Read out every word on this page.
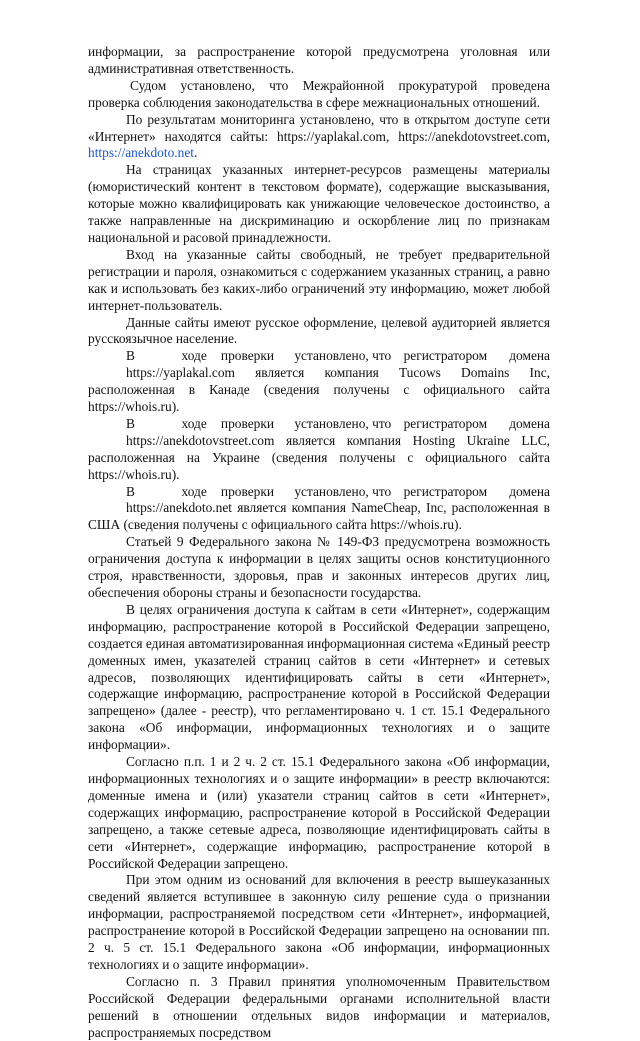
информации, за распространение которой предусмотрена уголовная или административная ответственность.

Судом установлено, что Межрайонной прокуратурой проведена проверка соблюдения законодательства в сфере межнациональных отношений.

По результатам мониторинга установлено, что в открытом доступе сети «Интернет» находятся сайты: https://yaplakal.com, https://anekdotovstreet.com, https://anekdoto.net.

На страницах указанных интернет-ресурсов размещены материалы (юмористический контент в текстовом формате), содержащие высказывания, которые можно квалифицировать как унижающие человеческое достоинство, а также направленные на дискриминацию и оскорбление лиц по признакам национальной и расовой принадлежности.

Вход на указанные сайты свободный, не требует предварительной регистрации и пароля, ознакомиться с содержанием указанных страниц, а равно как и использовать без каких-либо ограничений эту информацию, может любой интернет-пользователь.

Данные сайты имеют русское оформление, целевой аудиторией является русскоязычное население.

В	ходе	проверки	установлено, что регистратором	домена

https://yaplakal.com является компания Tucows Domains Inc, расположенная в Канаде (сведения получены с официального сайта https://whois.ru).

В	ходе	проверки	установлено, что регистратором	домена

https://anekdotovstreet.com является компания Hosting Ukraine LLC, расположенная на Украине (сведения получены с официального сайта https://whois.ru).

В	ходе	проверки	установлено, что регистратором	домена

https://anekdoto.net является компания NameCheap, Inc, расположенная в США (сведения получены с официального сайта https://whois.ru).

Статьей 9 Федерального закона № 149-ФЗ предусмотрена возможность ограничения доступа к информации в целях защиты основ конституционного строя, нравственности, здоровья, прав и законных интересов других лиц, обеспечения обороны страны и безопасности государства.

В целях ограничения доступа к сайтам в сети «Интернет», содержащим информацию, распространение которой в Российской Федерации запрещено, создается единая автоматизированная информационная система «Единый реестр доменных имен, указателей страниц сайтов в сети «Интернет» и сетевых адресов, позволяющих идентифицировать сайты в сети «Интернет», содержащие информацию, распространение которой в Российской Федерации запрещено» (далее - реестр), что регламентировано ч. 1 ст. 15.1 Федерального закона «Об информации, информационных технологиях и о защите информации».

Согласно п.п. 1 и 2 ч. 2 ст. 15.1 Федерального закона «Об информации, информационных технологиях и о защите информации» в реестр включаются: доменные имена и (или) указатели страниц сайтов в сети «Интернет», содержащих информацию, распространение которой в Российской Федерации запрещено, а также сетевые адреса, позволяющие идентифицировать сайты в сети «Интернет», содержащие информацию, распространение которой в Российской Федерации запрещено.

При этом одним из оснований для включения в реестр вышеуказанных сведений является вступившее в законную силу решение суда о признании информации, распространяемой посредством сети «Интернет», информацией, распространение которой в Российской Федерации запрещено на основании пп. 2 ч. 5 ст. 15.1 Федерального закона «Об информации, информационных технологиях и о защите информации».

Согласно п. 3 Правил принятия уполномоченным Правительством Российской Федерации федеральными органами исполнительной власти решений в отношении отдельных видов информации и материалов, распространяемых посредством
